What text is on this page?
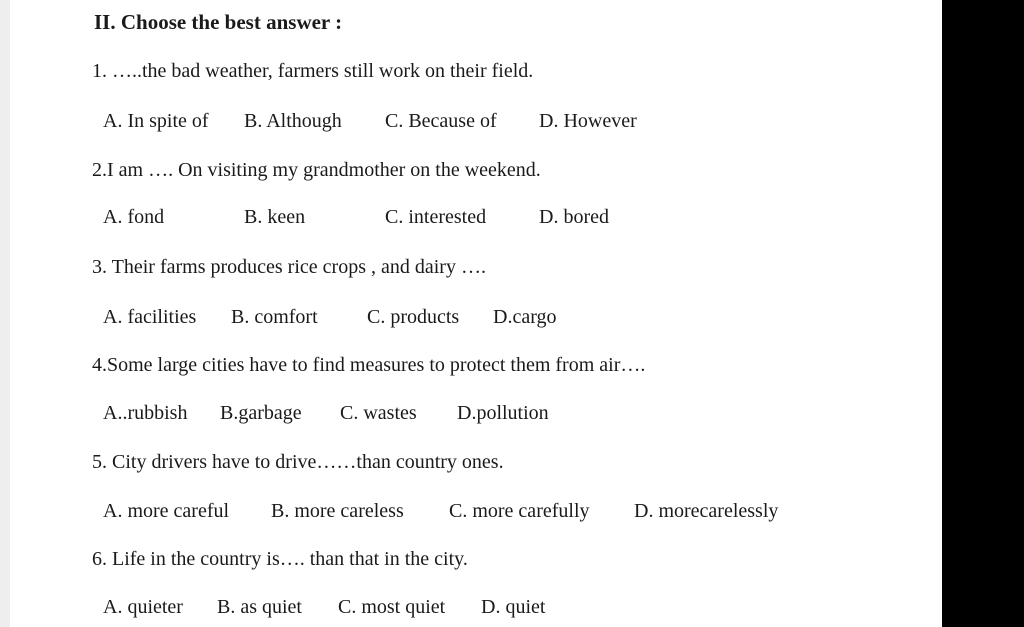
II. Choose the best answer :
1. …..the bad weather, farmers still work on their field.
A. In spite of B. Although C. Because of D. However
2.I am …. On visiting my grandmother on the weekend.
A. fond	B. keen	C. interested	D. bored
3. Their farms produces rice crops , and dairy ….
A. facilities B. comfort C. products D.cargo
4.Some large cities have to find measures to protect them from air….
A..rubbish B.garbage C. wastes D.pollution
5. City drivers have to drive……than country ones.
A. more careful B. more careless C. more carefully D. morecarelessly
6. Life in the country is…. than that in the city.
A. quieter B. as quiet C. most quiet D. quiet
